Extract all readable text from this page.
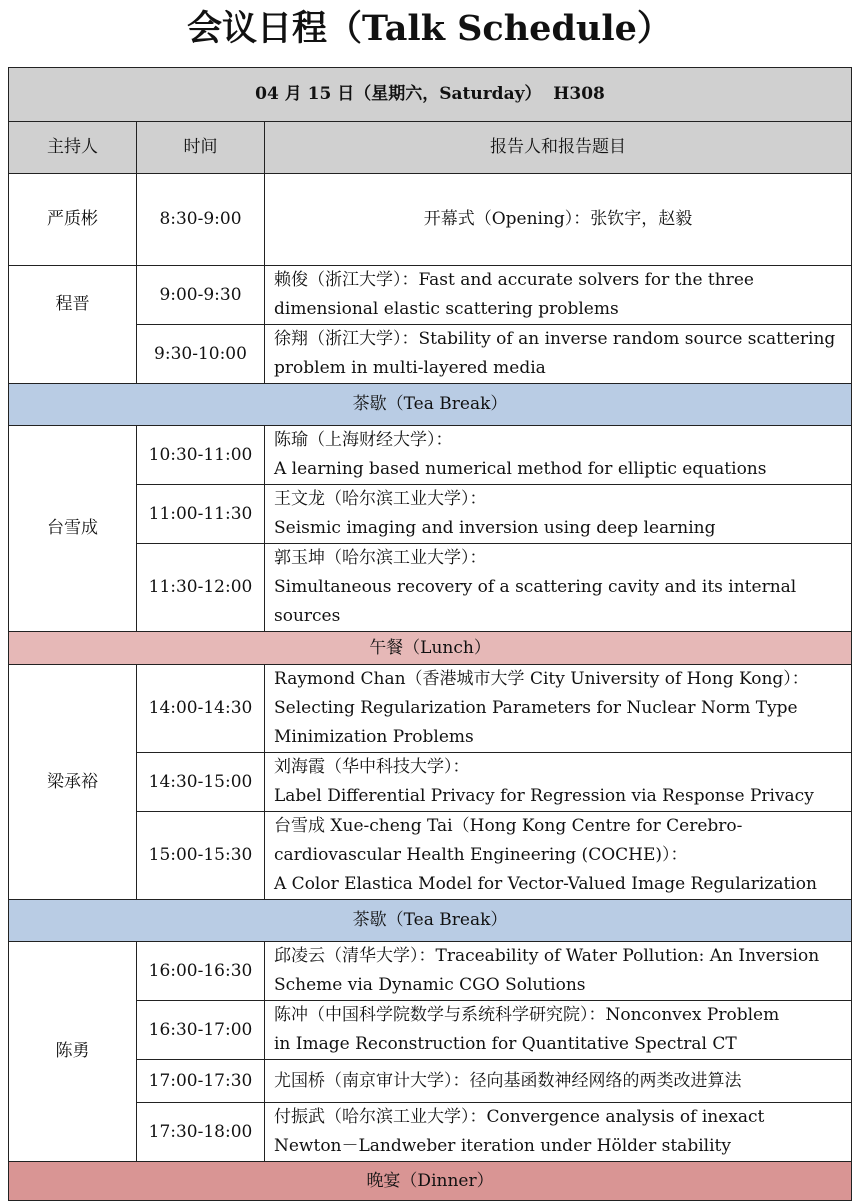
会议日程（Talk Schedule）
04 月 15 日（星期六，Saturday）  H308		
主持人	时间	报告人和报告题目
严质彬	8:30-9:00	开幕式（Opening）：张钦宇，赵毅
程晋	9:00-9:30	赖俊（浙江大学）：Fast and accurate solvers for the three
dimensional elastic scattering problems
	9:30-10:00	徐翔（浙江大学）：Stability of an inverse random source scattering
problem in multi-layered media
茶歇（Tea Break）		
台雪成	10:30-11:00	陈瑜（上海财经大学）：
A learning based numerical method for elliptic equations
	11:00-11:30	王文龙（哈尔滨工业大学）：
Seismic imaging and inversion using deep learning
	11:30-12:00	郭玉坤（哈尔滨工业大学）：
Simultaneous recovery of a scattering cavity and its internal sources
午餐（Lunch）		
梁承裕	14:00-14:30	Raymond Chan（香港城市大学 City University of Hong Kong）：
Selecting Regularization Parameters for Nuclear Norm Type
Minimization Problems
	14:30-15:00	刘海霞（华中科技大学）：
Label Differential Privacy for Regression via Response Privacy
	15:00-15:30	台雪成 Xue-cheng Tai（Hong Kong Centre for Cerebro-
cardiovascular Health Engineering (COCHE)）：
A Color Elastica Model for Vector-Valued Image Regularization
茶歇（Tea Break）		
陈勇	16:00-16:30	邱凌云（清华大学）：Traceability of Water Pollution: An Inversion
Scheme via Dynamic CGO Solutions
	16:30-17:00	陈冲（中国科学院数学与系统科学研究院）：Nonconvex Problem
in Image Reconstruction for Quantitative Spectral CT
	17:00-17:30	尤国桥（南京审计大学）：径向基函数神经网络的两类改进算法
	17:30-18:00	付振武（哈尔滨工业大学）：Convergence analysis of inexact
Newton－Landweber iteration under Hölder stability
晚宴（Dinner）		
